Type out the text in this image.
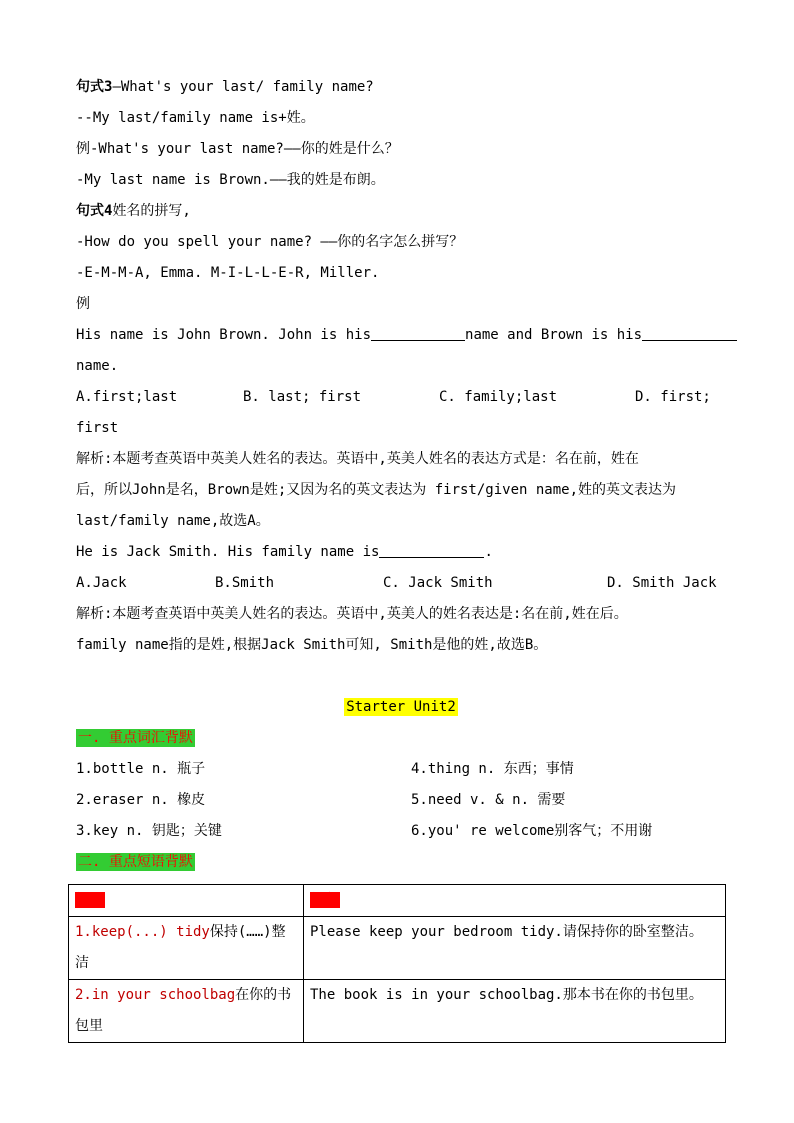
句式3—What's your last/ family name?
--My last/family name is+姓。
例-What's your last name?——你的姓是什么？
-My last name is Brown.——我的姓是布朗。
句式4姓名的拼写,
-How do you spell your name? ——你的名字怎么拼写？
-E-M-M-A, Emma. M-I-L-L-E-R, Miller.
例
His name is John Brown. John is his	name and Brown is his
name.
A.first;last	B. last; first	C. family;last	D. first;
first
解析:本题考查英语中英美人姓名的表达。英语中,英美人姓名的表达方式是：名在前，姓在
后，所以John是名，Brown是姓;又因为名的英文表达为 first/given name,姓的英文表达为
last/family name,故选A。
He is Jack Smith. His family name is	.
A.Jack	B.Smith	C. Jack Smith	D. Smith Jack
解析:本题考查英语中英美人姓名的表达。英语中,英美人的姓名表达是:名在前,姓在后。
family name指的是姓,根据Jack Smith可知, Smith是他的姓,故选B。
Starter Unit2
一. 重点词汇背默
1.bottle n. 瓶子	4.thing n. 东西；事情
2.eraser n. 橡皮	5.need v. & n. 需要
3.key n. 钥匙；关键	6.you' re welcome别客气；不用谢
二. 重点短语背默
短语	例句
1.keep(...) tidy保持(……)整洁	Please keep your bedroom tidy.请保持你的卧室整洁。
2.in your schoolbag在你的书包里	The book is in your schoolbag.那本书在你的书包里。
